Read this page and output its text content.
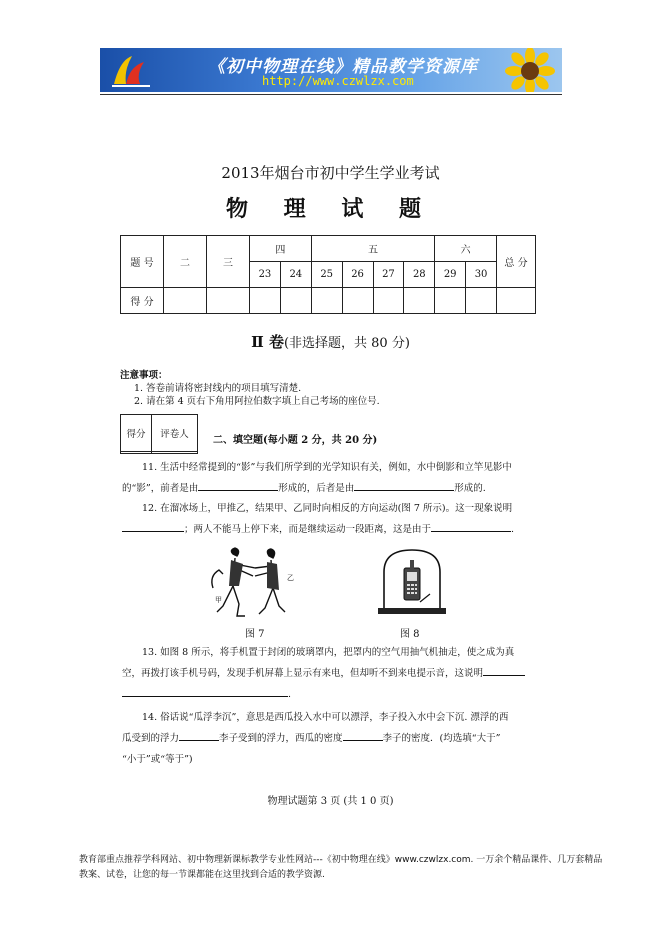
《初中物理在线》精品教学资源库
http://www.czwlzx.com
2013年烟台市初中学生学业考试
物 理 试 题
题 号	二	三	四		五				六		总 分
			23	24	25	26	27	28	29	30	
得 分											
Ⅱ 卷(非选择题，共 80 分)
注意事项：
1. 答卷前请将密封线内的项目填写清楚.
2. 请在第 4 页右下角用阿拉伯数字填上自己考场的座位号.
得分	评卷人

二、填空题(每小题 2 分，共 20 分)
11. 生活中经常提到的“影”与我们所学到的光学知识有关，例如，水中倒影和立竿见影中
的“影”，前者是由	形成的，后者是由	形成的.
12. 在溜冰场上，甲推乙，结果甲、乙同时向相反的方向运动(图 7 所示)。这一现象说明
；两人不能马上停下来，而是继续运动一段距离，这是由于	.
甲
乙
图 7	图 8
13. 如图 8 所示，将手机置于封闭的玻璃罩内，把罩内的空气用抽气机抽走，使之成为真
空，再拨打该手机号码，发现手机屏幕上显示有来电，但却听不到来电提示音，这说明
.
14. 俗话说“瓜浮李沉”，意思是西瓜投入水中可以漂浮，李子投入水中会下沉. 漂浮的西
瓜受到的浮力	李子受到的浮力，西瓜的密度	李子的密度．(均选填“大于”
“小于”或“等于”)
物理试题第 3 页 (共 1 0 页)
教育部重点推荐学科网站、初中物理新课标教学专业性网站---《初中物理在线》www.czwlzx.com. 一万余个精品课件、几万套精品教案、试卷，让您的每一节课都能在这里找到合适的教学资源.
